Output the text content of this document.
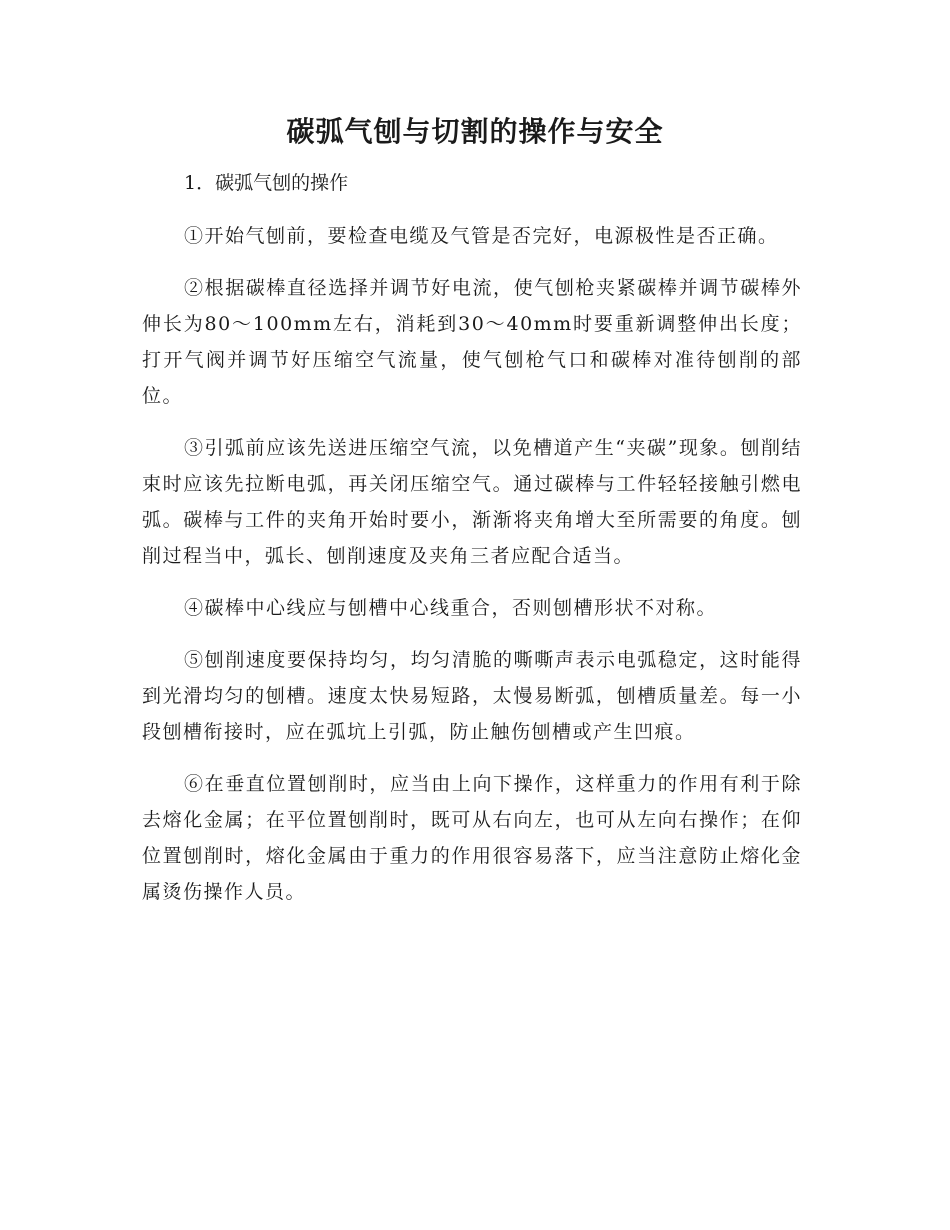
碳弧气刨与切割的操作与安全

1．碳弧气刨的操作

①开始气刨前，要检查电缆及气管是否完好，电源极性是否正确。

②根据碳棒直径选择并调节好电流，使气刨枪夹紧碳棒并调节碳棒外伸长为80～100mm左右，消耗到30～40mm时要重新调整伸出长度；打开气阀并调节好压缩空气流量，使气刨枪气口和碳棒对准待刨削的部位。

③引弧前应该先送进压缩空气流，以免槽道产生“夹碳”现象。刨削结束时应该先拉断电弧，再关闭压缩空气。通过碳棒与工件轻轻接触引燃电弧。碳棒与工件的夹角开始时要小，渐渐将夹角增大至所需要的角度。刨削过程当中，弧长、刨削速度及夹角三者应配合适当。

④碳棒中心线应与刨槽中心线重合，否则刨槽形状不对称。

⑤刨削速度要保持均匀，均匀清脆的嘶嘶声表示电弧稳定，这时能得到光滑均匀的刨槽。速度太快易短路，太慢易断弧，刨槽质量差。每一小段刨槽衔接时，应在弧坑上引弧，防止触伤刨槽或产生凹痕。

⑥在垂直位置刨削时，应当由上向下操作，这样重力的作用有利于除去熔化金属；在平位置刨削时，既可从右向左，也可从左向右操作；在仰位置刨削时，熔化金属由于重力的作用很容易落下，应当注意防止熔化金属烫伤操作人员。
